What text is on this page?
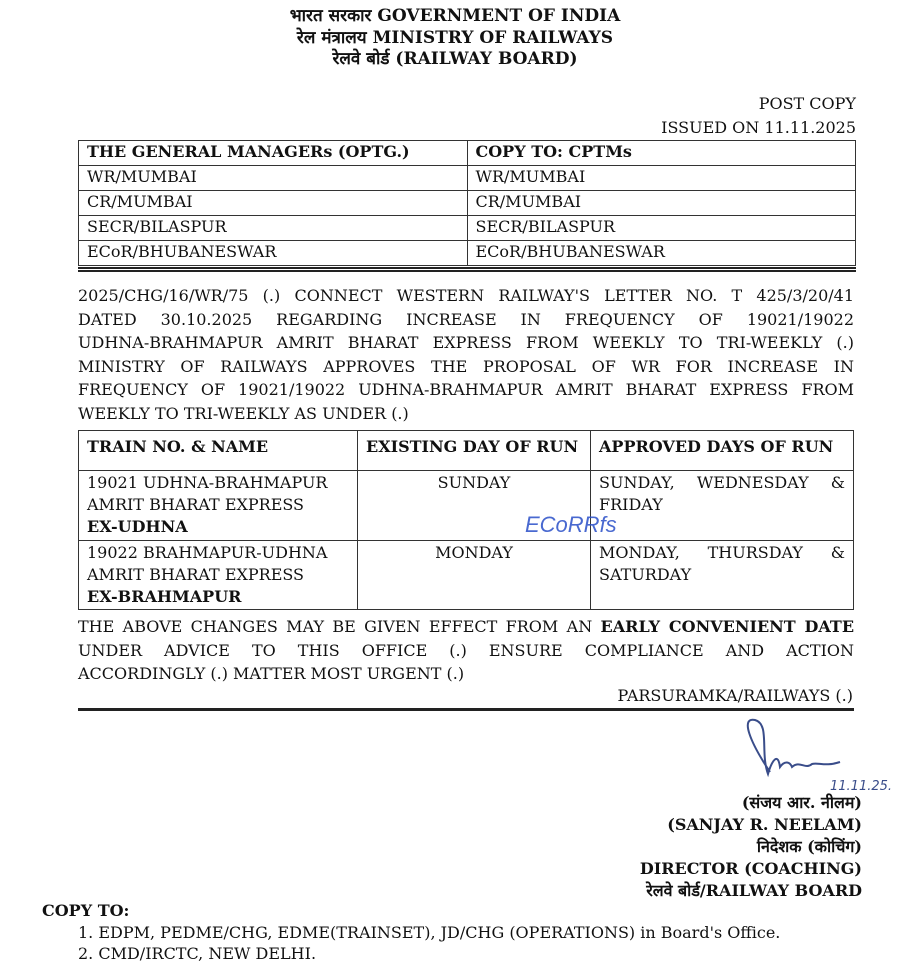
भारत सरकार GOVERNMENT OF INDIA
रेल मंत्रालय MINISTRY OF RAILWAYS
रेलवे बोर्ड (RAILWAY BOARD)
POST COPY
ISSUED ON 11.11.2025
THE GENERAL MANAGERs (OPTG.)	COPY TO: CPTMs
WR/MUMBAI	WR/MUMBAI
CR/MUMBAI	CR/MUMBAI
SECR/BILASPUR	SECR/BILASPUR
ECoR/BHUBANESWAR	ECoR/BHUBANESWAR
2025/CHG/16/WR/75 (.) CONNECT WESTERN RAILWAY'S LETTER NO. T 425/3/20/41
DATED 30.10.2025 REGARDING INCREASE IN FREQUENCY OF 19021/19022
UDHNA-BRAHMAPUR AMRIT BHARAT EXPRESS FROM WEEKLY TO TRI-WEEKLY (.)
MINISTRY OF RAILWAYS APPROVES THE PROPOSAL OF WR FOR INCREASE IN
FREQUENCY OF 19021/19022 UDHNA-BRAHMAPUR AMRIT BHARAT EXPRESS FROM
WEEKLY TO TRI-WEEKLY AS UNDER (.)
TRAIN NO. & NAME	EXISTING DAY OF RUN	APPROVED DAYS OF RUN

19021 UDHNA-BRAHMAPUR AMRIT BHARAT EXPRESS
EX-UDHNA	SUNDAY	SUNDAY, WEDNESDAY & FRIDAY

19022 BRAHMAPUR-UDHNA AMRIT BHARAT EXPRESS
EX-BRAHMAPUR	MONDAY	MONDAY, THURSDAY & SATURDAY
ECoRRfs
THE ABOVE CHANGES MAY BE GIVEN EFFECT FROM AN EARLY CONVENIENT DATE
UNDER ADVICE TO THIS OFFICE (.) ENSURE COMPLIANCE AND ACTION
ACCORDINGLY (.) MATTER MOST URGENT (.)
PARSURAMKA/RAILWAYS (.)
11.11.25.
(संजय आर. नीलम)
(SANJAY R. NEELAM)
निदेशक (कोचिंग)
DIRECTOR (COACHING)
रेलवे बोर्ड/RAILWAY BOARD
COPY TO:
1. EDPM, PEDME/CHG, EDME(TRAINSET), JD/CHG (OPERATIONS) in Board's Office.
2. CMD/IRCTC, NEW DELHI.
